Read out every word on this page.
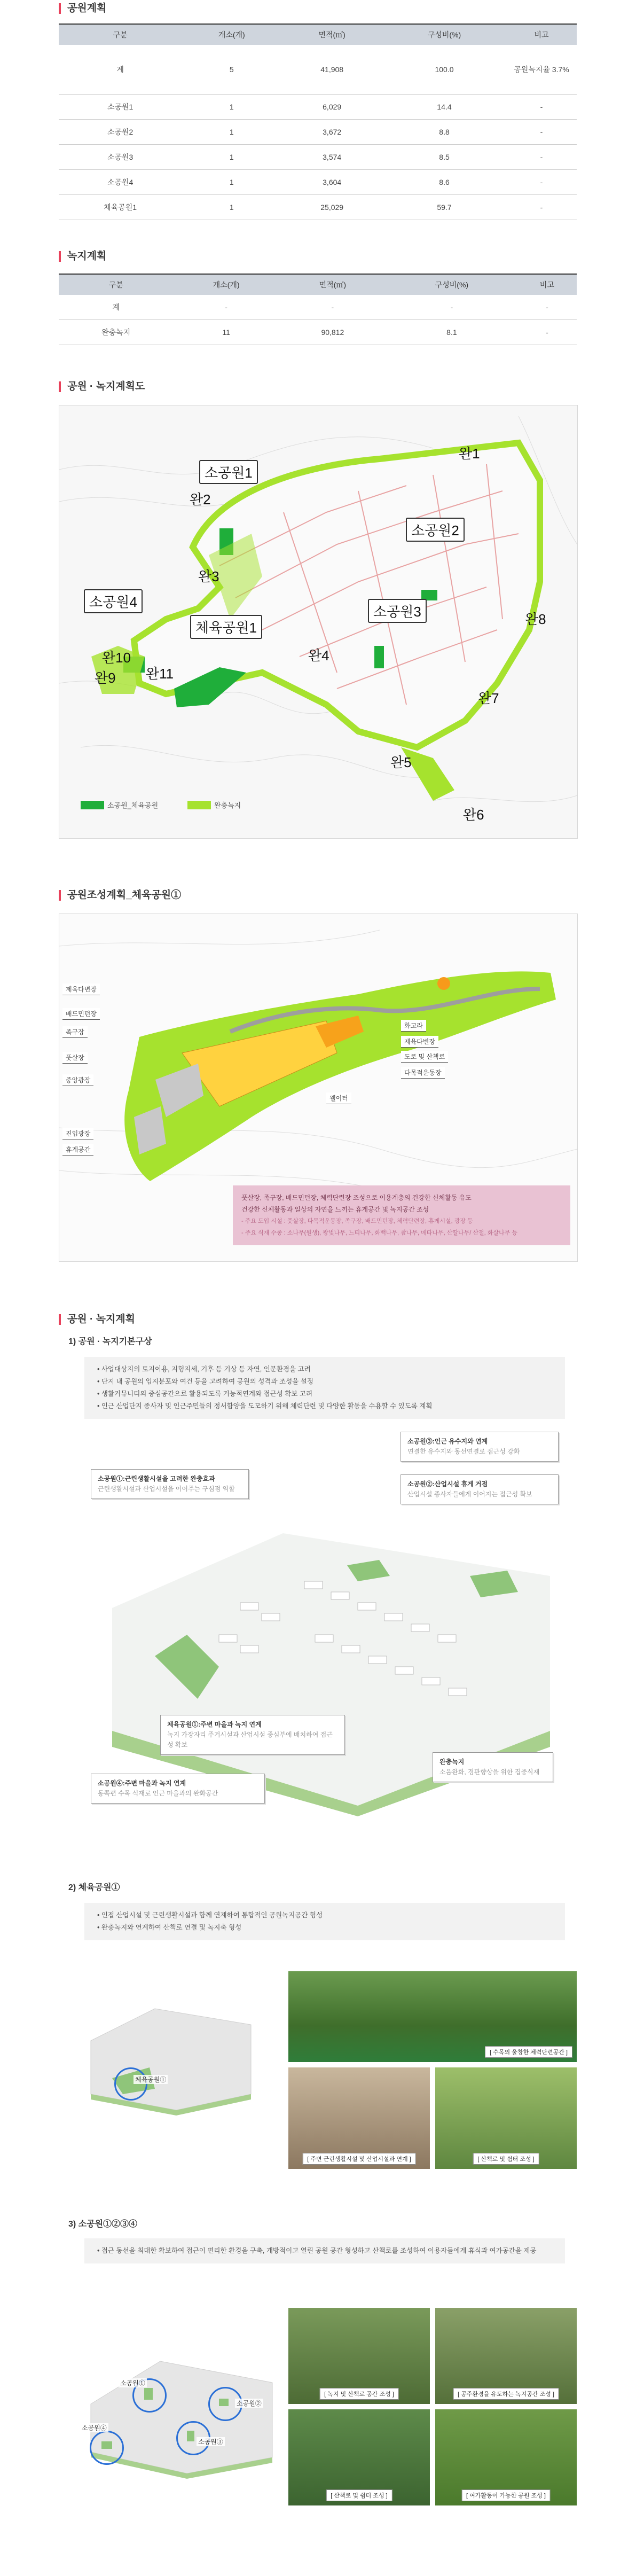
공원계획
구분	개소(개)	면적(㎡)	구성비(%)	비고
계	5	41,908	100.0	공원녹지율 3.7%
소공원1	1	6,029	14.4	-
소공원2	1	3,672	8.8	-
소공원3	1	3,574	8.5	-
소공원4	1	3,604	8.6	-
체육공원1	1	25,029	59.7	-
녹지계획
구분	개소(개)	면적(㎡)	구성비(%)	비고
계	-	-	-	-
완충녹지	11	90,812	8.1	-
공원 · 녹지계획도
소공원1
소공원2
소공원3
소공원4
체육공원1
완1
완2
완3
완4
완5
완6
완7
완8
완9
완10
완11
소공원_체육공원	완충녹지
공원조성계획_체육공원①
제육다변장
배드민턴장
족구장
풋살장
중앙광장
진입광장
휴게공간
화고라
제육다변장
도로 및 산책로
다목적운동장
웰이터
풋살장, 족구장, 배드민턴장, 체력단련장 조성으로 이용계층의 건강한 신체활동 유도
건강한 신체활동과 일상의 자연을 느끼는 휴게공간 및 녹지공간 조성
- 주요 도입 시설 : 풋살장, 다목적운동장, 족구장, 배드민턴장, 체력단련장, 휴게시설, 광장 등
- 주요 식재 수종 : 소나무(원생), 왕벚나무, 느티나무, 화백나무, 참나무, 메타나무, 산딸나무/ 산철, 화살나무 등
공원 · 녹지계획
1) 공원 · 녹지기본구상
• 사업대상지의 토지이용, 지형지세, 기후 등 기상 등 자연, 인문환경을 고려
• 단지 내 공원의 입지분포와 여건 등을 고려하여 공원의 성격과 조성을 설정
• 생활커뮤니티의 중심공간으로 활용되도록 거능적연계와 접근성 확보 고려
• 인근 산업단지 종사자 및 인근주민들의 정서함양을 도모하기 위해 체력단련 및 다양한 활동을 수용할 수 있도록 계획
소공원①:근린생활시설을 고려한 완충효과
근린생활시설과 산업시설을 이어주는 구심점 역할
소공원③:인근 유수지와 연계
연결한 유수지와 동선연결로 접근성 강화
소공원②:산업시설 휴게 거점
산업시설 종사자들에게 이어지는 접근성 확보
체육공원①:주변 마을과 녹지 연계
녹지 가장자리 주거시설과 산업시설 중심부에 배치하여 접근성 확보
소공원④:주변 마을과 녹지 연계
동쪽편 수목 식재로 인근 마을과의 완화공간
완충녹지
소음완화, 경관향상을 위한 집중식재
2) 체육공원①
• 인접 산업시설 및 근린생활시설과 함께 연계하여 통합적인 공원녹지공간 형성
• 완충녹지와 연계하여 산책로 연결 및 녹지축 형성
체육공원①
[ 수목의 울창한 체력단련공간 ]
[ 주변 근린생활시설 및 산업시설과 연계 ]	[ 산책로 및 쉼터 조성 ]
3) 소공원①②③④
• 접근 동선을 최대한 확보하여 접근이 편리한 환경을 구축, 개방적이고 열린 공원 공간 형성하고 산책로를 조성하여 이용자들에게 휴식과 여가공간을 제공
소공원①
소공원②
소공원③
소공원④
[ 녹지 및 산책로 공간 조성 ]	[ 공주환경을 유도하는 녹지공간 조성 ]
[ 산책로 및 쉼터 조성 ]	[ 여가활동이 가능한 공원 조성 ]
